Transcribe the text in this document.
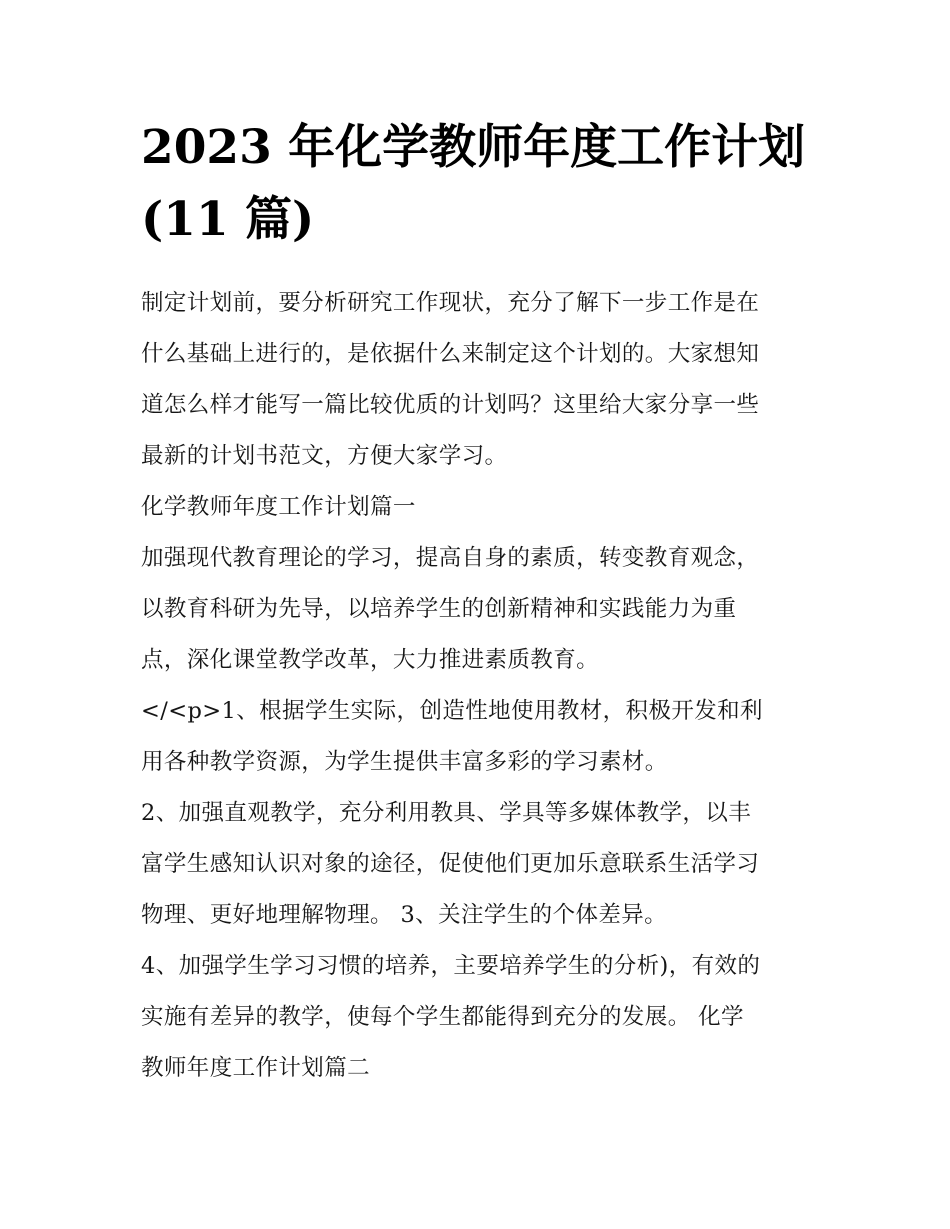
2023 年化学教师年度工作计划
(11 篇)
制定计划前，要分析研究工作现状，充分了解下一步工作是在
什么基础上进行的，是依据什么来制定这个计划的。大家想知
道怎么样才能写一篇比较优质的计划吗？这里给大家分享一些
最新的计划书范文，方便大家学习。
化学教师年度工作计划篇一
加强现代教育理论的学习，提高自身的素质，转变教育观念，
以教育科研为先导，以培养学生的创新精神和实践能力为重
点，深化课堂教学改革，大力推进素质教育。
</<p>1、根据学生实际，创造性地使用教材，积极开发和利
用各种教学资源，为学生提供丰富多彩的学习素材。
2、加强直观教学，充分利用教具、学具等多媒体教学，以丰
富学生感知认识对象的途径，促使他们更加乐意联系生活学习
物理、更好地理解物理。 3、关注学生的个体差异。
4、加强学生学习习惯的培养，主要培养学生的分析)，有效的
实施有差异的教学，使每个学生都能得到充分的发展。 化学
教师年度工作计划篇二
